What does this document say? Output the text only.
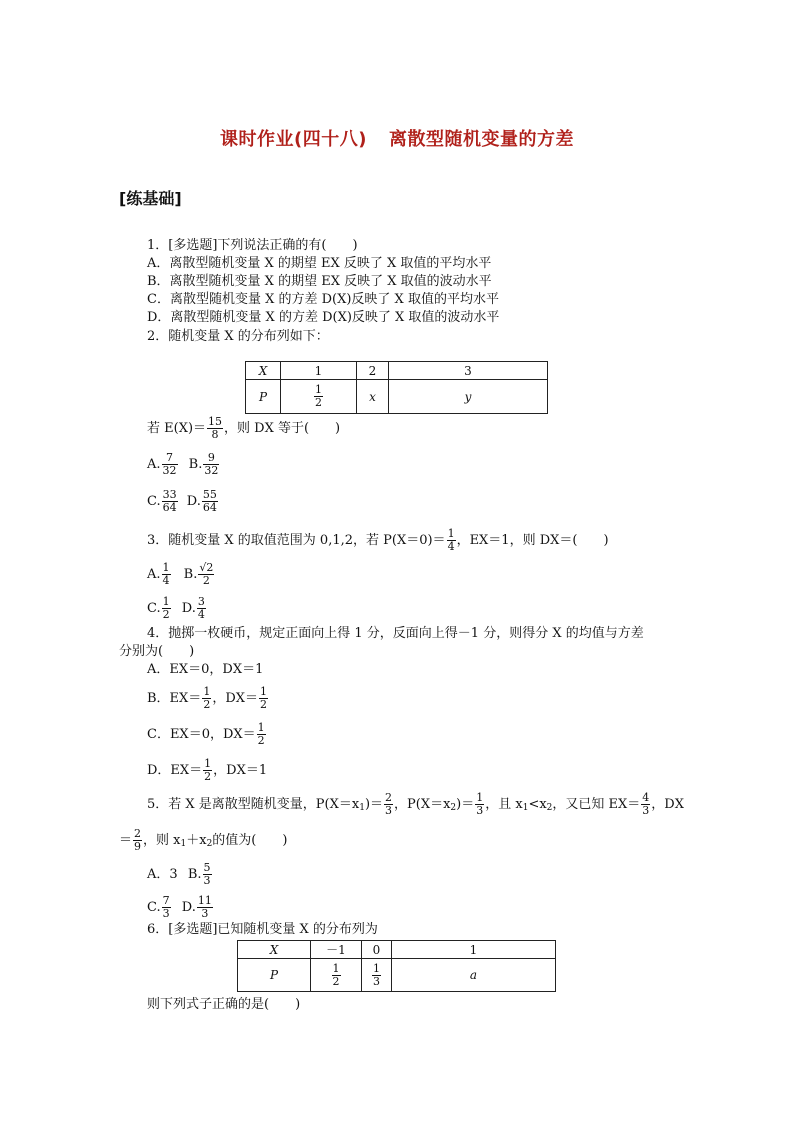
课时作业(四十八) 离散型随机变量的方差
[练基础]
1．[多选题]下列说法正确的有(　　)
A．离散型随机变量 X 的期望 EX 反映了 X 取值的平均水平
B．离散型随机变量 X 的期望 EX 反映了 X 取值的波动水平
C．离散型随机变量 X 的方差 D(X)反映了 X 取值的平均水平
D．离散型随机变量 X 的方差 D(X)反映了 X 取值的波动水平
2．随机变量 X 的分布列如下：
X	1	2	3
P	$\frac{1}{2}$	x	y
若 $E(X)= \frac{15}{8}$ ，则 DX 等于(　　)
A. $\frac{7}{32} B$. $\frac{9}{32}$
C. $\frac{33}{64} D$. $\frac{55}{64}$
3．随机变量 X 的取值范围为 0,1,2，若 $P(X=0)= \frac{1}{4}$ ，EX＝1，则 DX＝(　　)
A. $\frac{1}{4} B$. $\frac{√2}{2}$
C. $\frac{1}{2} D$. $\frac{3}{4}$
4．抛掷一枚硬币，规定正面向上得 1 分，反面向上得－1 分，则得分 X 的均值与方差
分别为(　　)
A．EX＝0，DX＝1
B．$EX= \frac{1}{2}$ ，$DX= \frac{1}{2}$
C．EX＝0，$DX= \frac{1}{2}$
D．$EX= \frac{1}{2}$ ，DX＝1
5．若 X 是离散型随机变量，$P(X=x_1)= \frac{2}{3}$ ，$P(X=x_2)= \frac{1}{3}$ ，且 $x_1<x_2$，又已知 $EX= \frac{4}{3}$ ，DX
＝ $\frac{2}{9}$ ，则 $x_1+x_2$的值为(　　)
A．3 B. $\frac{5}{3}$
C. $\frac{7}{3} D$. $\frac{11}{3}$
6．[多选题]已知随机变量 X 的分布列为
X	－1	0	1
P	$\frac{1}{2}$	$\frac{1}{3}$	a
则下列式子正确的是(　　)
